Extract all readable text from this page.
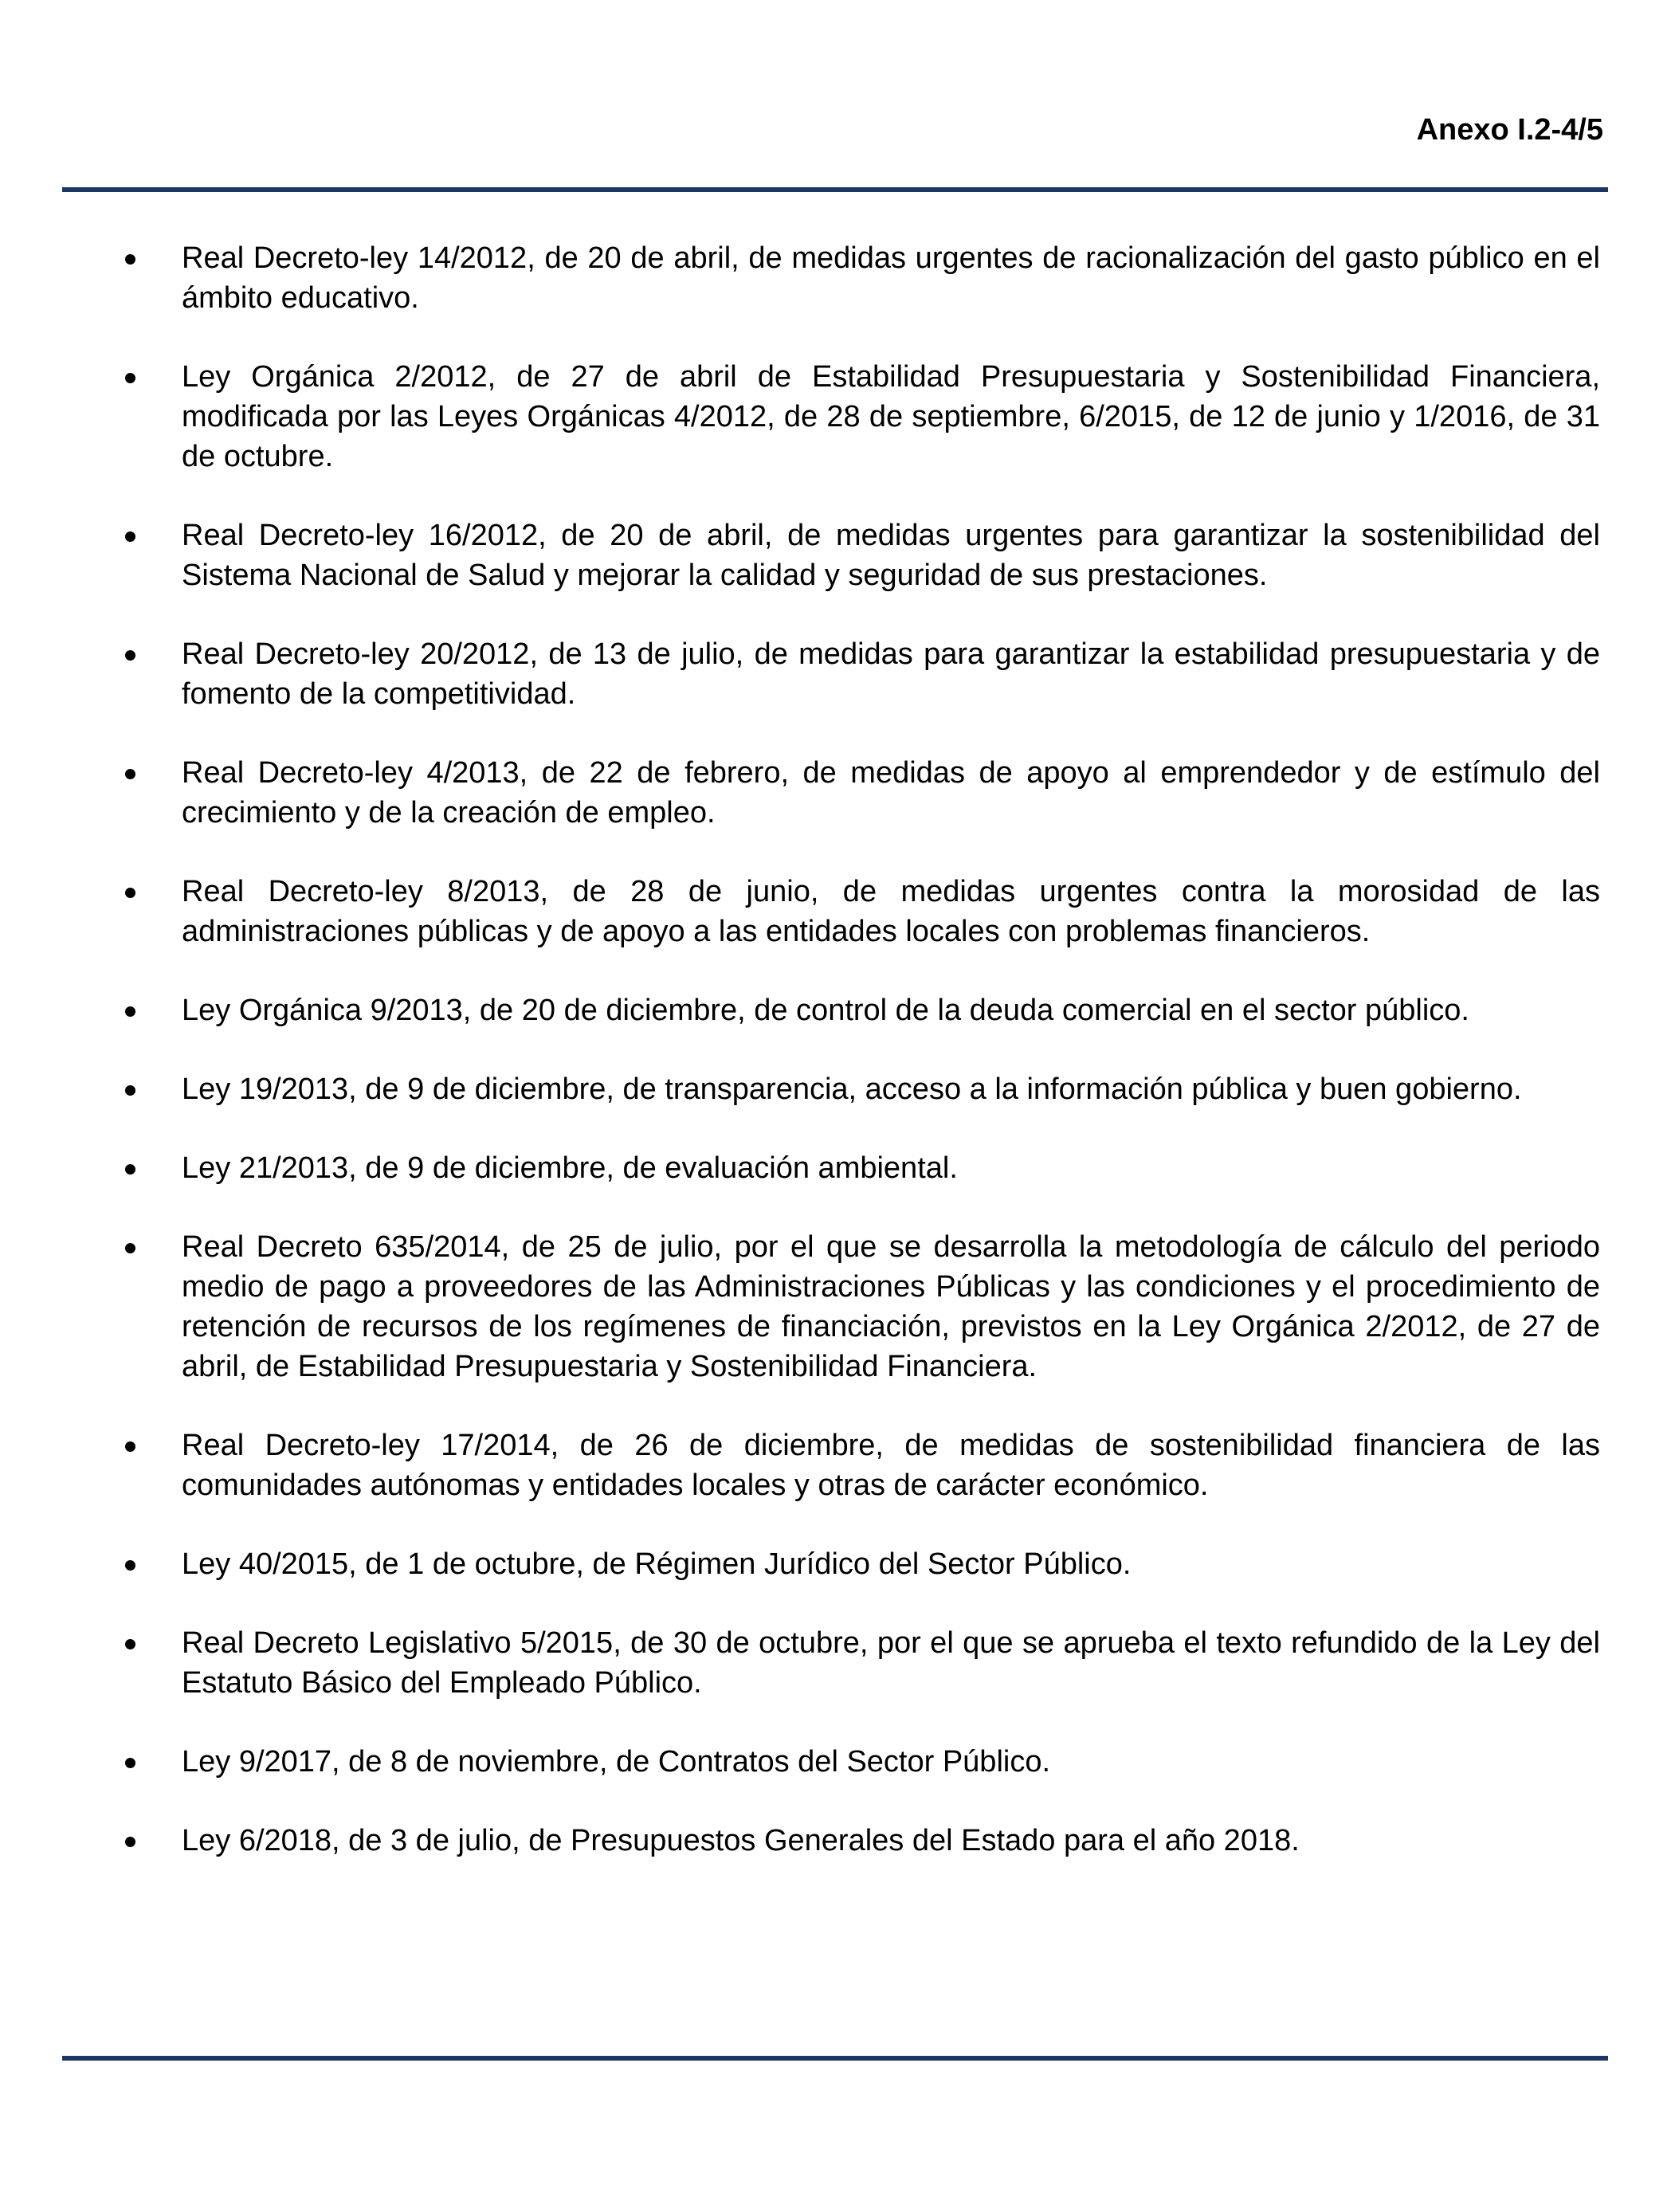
Anexo I.2-4/5
Real Decreto-ley 14/2012, de 20 de abril, de medidas urgentes de racionalización del gasto público en el ámbito educativo.
Ley Orgánica 2/2012, de 27 de abril de Estabilidad Presupuestaria y Sostenibilidad Financiera, modificada por las Leyes Orgánicas 4/2012, de 28 de septiembre, 6/2015, de 12 de junio y 1/2016, de 31 de octubre.
Real Decreto-ley 16/2012, de 20 de abril, de medidas urgentes para garantizar la sostenibilidad del Sistema Nacional de Salud y mejorar la calidad y seguridad de sus prestaciones.
Real Decreto-ley 20/2012, de 13 de julio, de medidas para garantizar la estabilidad presupuestaria y de fomento de la competitividad.
Real Decreto-ley 4/2013, de 22 de febrero, de medidas de apoyo al emprendedor y de estímulo del crecimiento y de la creación de empleo.
Real Decreto-ley 8/2013, de 28 de junio, de medidas urgentes contra la morosidad de las administraciones públicas y de apoyo a las entidades locales con problemas financieros.
Ley Orgánica 9/2013, de 20 de diciembre, de control de la deuda comercial en el sector público.
Ley 19/2013, de 9 de diciembre, de transparencia, acceso a la información pública y buen gobierno.
Ley 21/2013, de 9 de diciembre, de evaluación ambiental.
Real Decreto 635/2014, de 25 de julio, por el que se desarrolla la metodología de cálculo del periodo medio de pago a proveedores de las Administraciones Públicas y las condiciones y el procedimiento de retención de recursos de los regímenes de financiación, previstos en la Ley Orgánica 2/2012, de 27 de abril, de Estabilidad Presupuestaria y Sostenibilidad Financiera.
Real Decreto-ley 17/2014, de 26 de diciembre, de medidas de sostenibilidad financiera de las comunidades autónomas y entidades locales y otras de carácter económico.
Ley 40/2015, de 1 de octubre, de Régimen Jurídico del Sector Público.
Real Decreto Legislativo 5/2015, de 30 de octubre, por el que se aprueba el texto refundido de la Ley del Estatuto Básico del Empleado Público.
Ley 9/2017, de 8 de noviembre, de Contratos del Sector Público.
Ley 6/2018, de 3 de julio, de Presupuestos Generales del Estado para el año 2018.
